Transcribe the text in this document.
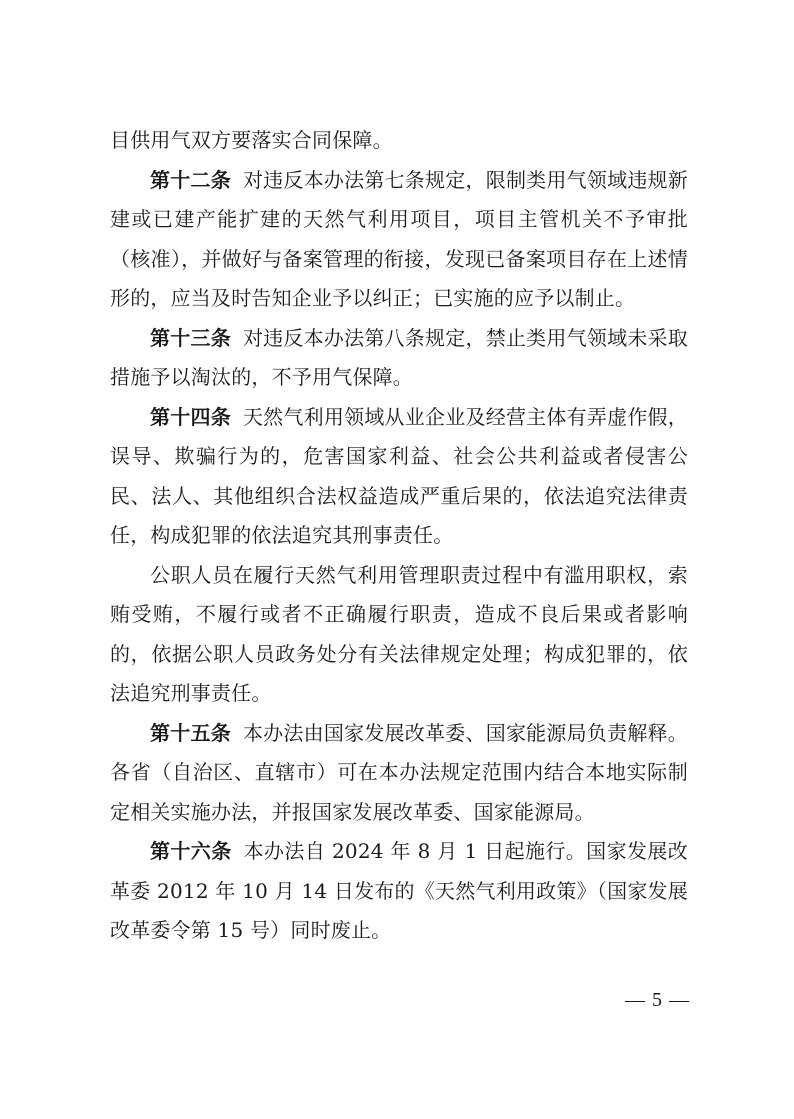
目供用气双方要落实合同保障。

第十二条 对违反本办法第七条规定，限制类用气领域违规新建或已建产能扩建的天然气利用项目，项目主管机关不予审批（核准），并做好与备案管理的衔接，发现已备案项目存在上述情形的，应当及时告知企业予以纠正；已实施的应予以制止。

第十三条 对违反本办法第八条规定，禁止类用气领域未采取措施予以淘汰的，不予用气保障。

第十四条 天然气利用领域从业企业及经营主体有弄虚作假，误导、欺骗行为的，危害国家利益、社会公共利益或者侵害公民、法人、其他组织合法权益造成严重后果的，依法追究法律责任，构成犯罪的依法追究其刑事责任。

公职人员在履行天然气利用管理职责过程中有滥用职权，索贿受贿，不履行或者不正确履行职责，造成不良后果或者影响的，依据公职人员政务处分有关法律规定处理；构成犯罪的，依法追究刑事责任。

第十五条 本办法由国家发展改革委、国家能源局负责解释。各省（自治区、直辖市）可在本办法规定范围内结合本地实际制定相关实施办法，并报国家发展改革委、国家能源局。

第十六条 本办法自 2024 年 8 月 1 日起施行。国家发展改革委 2012 年 10 月 14 日发布的《天然气利用政策》（国家发展改革委令第 15 号）同时废止。

— 5 —
